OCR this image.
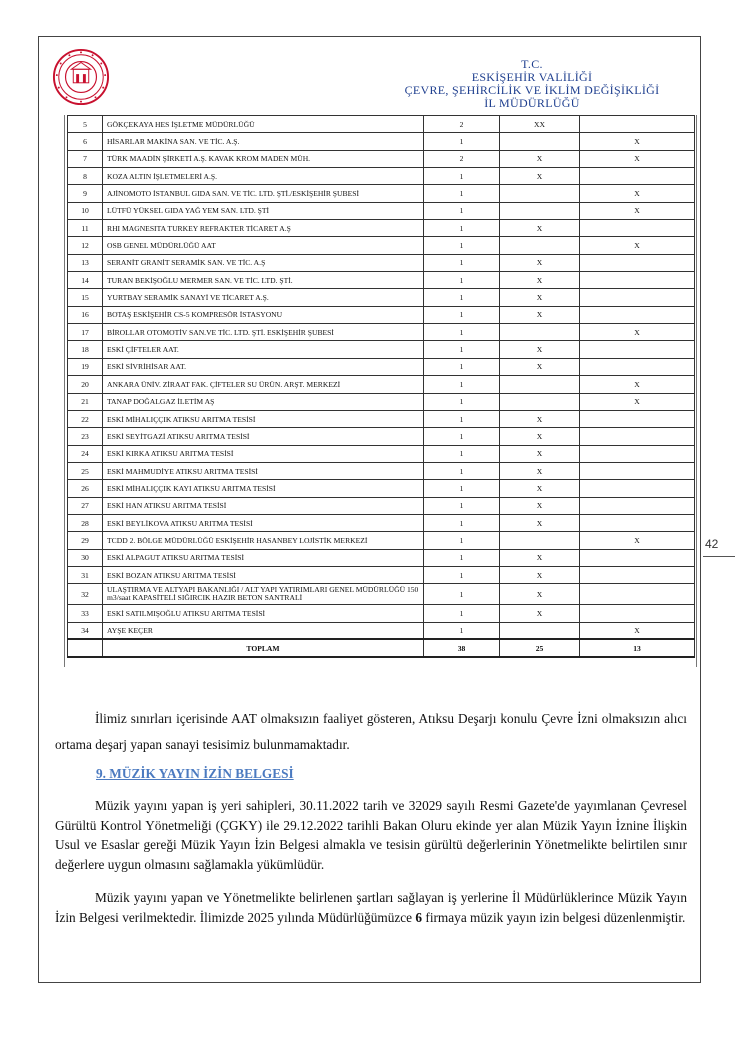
T.C.
ESKİŞEHİR VALİLİĞİ
ÇEVRE, ŞEHİRCİLİK VE İKLİM DEĞİŞİKLİĞİ
İL MÜDÜRLÜĞÜ
42
5	GÖKÇEKAYA HES İŞLETME MÜDÜRLÜĞÜ	2	XX	
6	HİSARLAR MAKİNA SAN. VE TİC. A.Ş.	1		X
7	TÜRK MAADİN ŞİRKETİ A.Ş. KAVAK KROM MADEN MÜH.	2	X	X
8	KOZA ALTIN İŞLETMELERİ A.Ş.	1	X	
9	AJİNOMOTO İSTANBUL GIDA SAN. VE TİC. LTD. ŞTİ./ESKİŞEHİR ŞUBESİ	1		X
10	LÜTFÜ YÜKSEL GIDA YAĞ YEM SAN. LTD. ŞTİ	1		X
11	RHI MAGNESITA TURKEY REFRAKTER TİCARET A.Ş	1	X	
12	OSB GENEL MÜDÜRLÜĞÜ AAT	1		X
13	SERANİT GRANİT SERAMİK SAN. VE TİC. A.Ş	1	X	
14	TURAN BEKİŞOĞLU MERMER SAN. VE TİC. LTD. ŞTİ.	1	X	
15	YURTBAY SERAMİK SANAYİ VE TİCARET A.Ş.	1	X	
16	BOTAŞ ESKİŞEHİR CS-5 KOMPRESÖR İSTASYONU	1	X	
17	BİROLLAR OTOMOTİV SAN.VE TİC. LTD. ŞTİ. ESKİŞEHİR ŞUBESİ	1		X
18	ESKİ ÇİFTELER AAT.	1	X	
19	ESKİ SİVRİHİSAR AAT.	1	X	
20	ANKARA ÜNİV. ZİRAAT FAK. ÇİFTELER SU ÜRÜN. ARŞT. MERKEZİ	1		X
21	TANAP DOĞALGAZ İLETİM AŞ	1		X
22	ESKİ MİHALIÇÇIK ATIKSU ARITMA TESİSİ	1	X	
23	ESKİ SEYİTGAZİ ATIKSU ARITMA TESİSİ	1	X	
24	ESKİ KIRKA ATIKSU ARITMA TESİSİ	1	X	
25	ESKİ MAHMUDİYE ATIKSU ARITMA TESİSİ	1	X	
26	ESKİ MİHALIÇÇIK KAYI ATIKSU ARITMA TESİSİ	1	X	
27	ESKİ HAN ATIKSU ARITMA TESİSİ	1	X	
28	ESKİ BEYLİKOVA ATIKSU ARITMA TESİSİ	1	X	
29	TCDD 2. BÖLGE MÜDÜRLÜĞÜ ESKİŞEHİR HASANBEY LOJİSTİK MERKEZİ	1		X
30	ESKİ ALPAGUT ATIKSU ARITMA TESİSİ	1	X	
31	ESKİ BOZAN ATIKSU ARITMA TESİSİ	1	X	
32	ULAŞTIRMA VE ALTYAPI BAKANLIĞI / ALT YAPI YATIRIMLARI GENEL MÜDÜRLÜĞÜ 150 m3/saat KAPASİTELİ SIĞIRCIK HAZIR BETON SANTRALİ	1	X	
33	ESKİ SATILMIŞOĞLU ATIKSU ARITMA TESİSİ	1	X	
34	AYŞE KEÇER	1		X
	TOPLAM	38	25	13
İlimiz sınırları içerisinde AAT olmaksızın faaliyet gösteren, Atıksu Deşarjı konulu Çevre İzni olmaksızın alıcı ortama deşarj yapan sanayi tesisimiz bulunmamaktadır.
9. MÜZİK YAYIN İZİN BELGESİ
Müzik yayını yapan iş yeri sahipleri, 30.11.2022 tarih ve 32029 sayılı Resmi Gazete'de yayımlanan Çevresel Gürültü Kontrol Yönetmeliği (ÇGKY) ile 29.12.2022 tarihli Bakan Oluru ekinde yer alan Müzik Yayın İznine İlişkin Usul ve Esaslar gereği Müzik Yayın İzin Belgesi almakla ve tesisin gürültü değerlerinin Yönetmelikte belirtilen sınır değerlere uygun olmasını sağlamakla yükümlüdür.
Müzik yayını yapan ve Yönetmelikte belirlenen şartları sağlayan iş yerlerine İl Müdürlüklerince Müzik Yayın İzin Belgesi verilmektedir. İlimizde 2025 yılında Müdürlüğümüzce 6 firmaya müzik yayın izin belgesi düzenlenmiştir.
